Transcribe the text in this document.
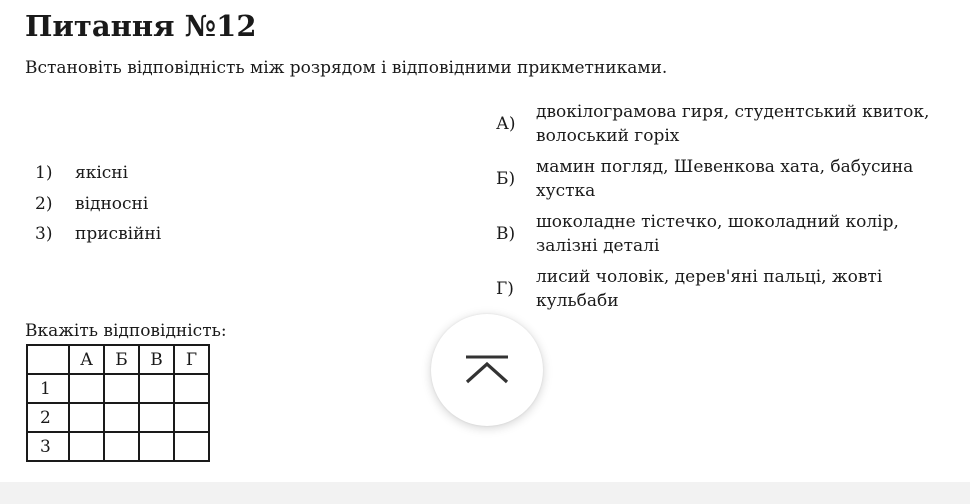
Питання №12
Встановіть відповідність між розрядом і відповідними прикметниками.
1)	якісні
2)	відносні
3)	присвійні
А)
двокілограмова гиря, студентський квиток, волоський горіх
Б)
мамин погляд, Шевенкова хата, бабусина хустка
В)
шоколадне тістечко, шоколадний колір, залізні деталі
Г)
лисий чоловік, дерев'яні пальці, жовті кульбаби
Вкажіть відповідність:
	А	Б	В	Г
1				
2				
3				
